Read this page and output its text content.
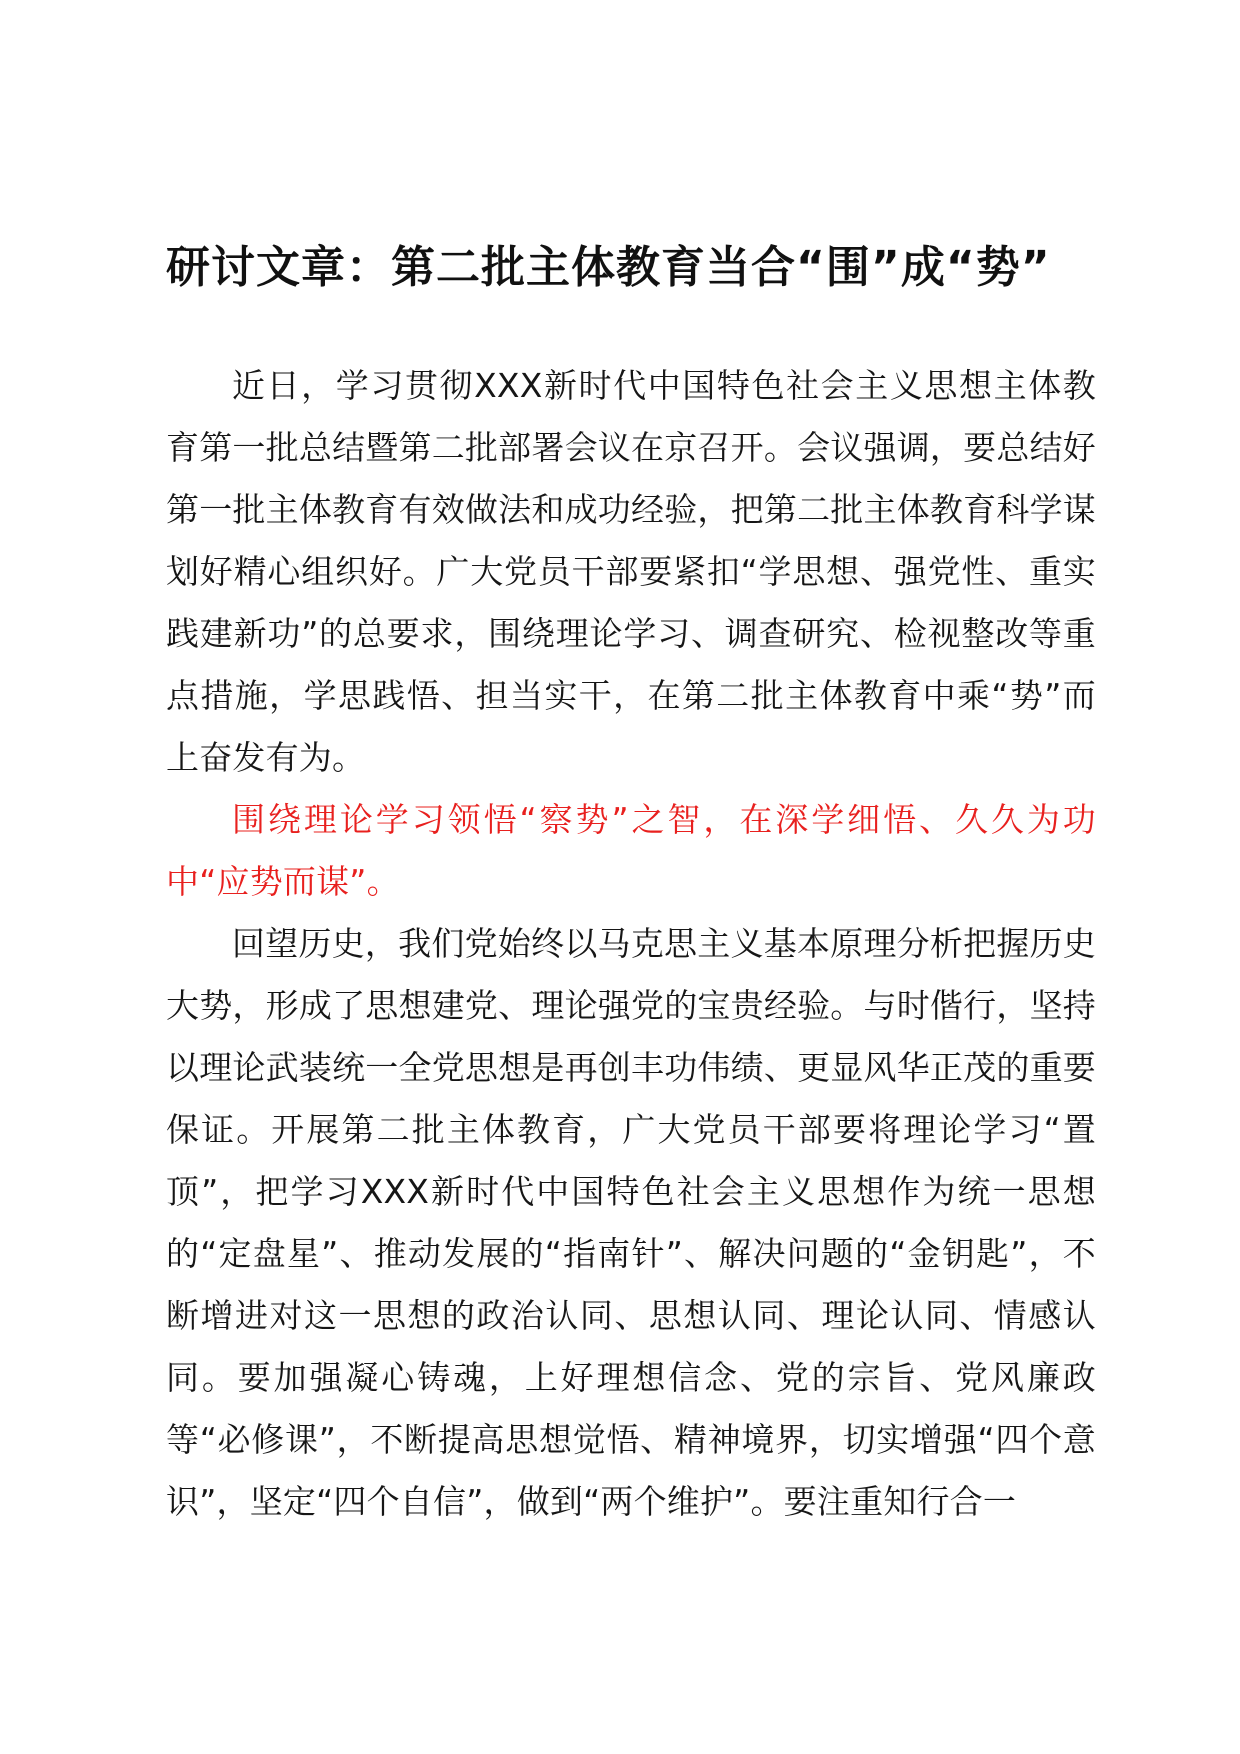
研讨文章：第二批主体教育当合“围”成“势”

近日，学习贯彻XXX新时代中国特色社会主义思想主体教育第一批总结暨第二批部署会议在京召开。会议强调，要总结好第一批主体教育有效做法和成功经验，把第二批主体教育科学谋划好精心组织好。广大党员干部要紧扣“学思想、强党性、重实践建新功”的总要求，围绕理论学习、调查研究、检视整改等重点措施，学思践悟、担当实干，在第二批主体教育中乘“势”而上奋发有为。

围绕理论学习领悟“察势”之智，在深学细悟、久久为功中“应势而谋”。

回望历史，我们党始终以马克思主义基本原理分析把握历史大势，形成了思想建党、理论强党的宝贵经验。与时偕行，坚持以理论武装统一全党思想是再创丰功伟绩、更显风华正茂的重要保证。开展第二批主体教育，广大党员干部要将理论学习“置顶”，把学习XXX新时代中国特色社会主义思想作为统一思想的“定盘星”、推动发展的“指南针”、解决问题的“金钥匙”，不断增进对这一思想的政治认同、思想认同、理论认同、情感认同。要加强凝心铸魂，上好理想信念、党的宗旨、党风廉政等“必修课”，不断提高思想觉悟、精神境界，切实增强“四个意识”，坚定“四个自信”，做到“两个维护”。要注重知行合一
